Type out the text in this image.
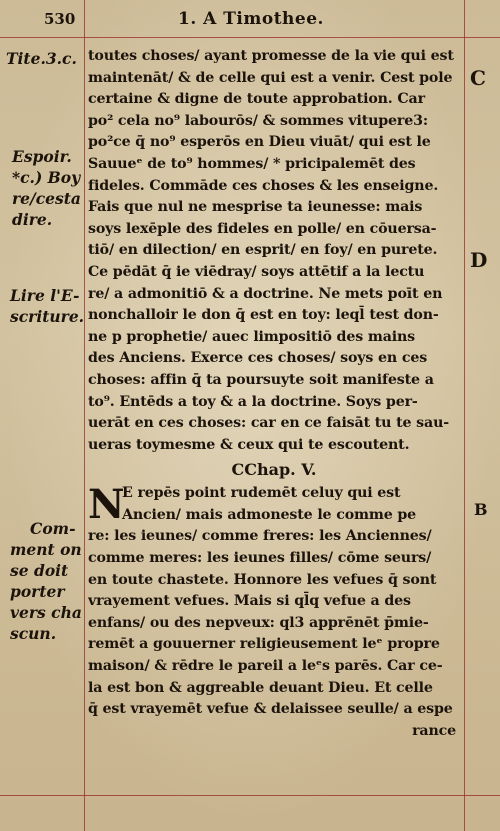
530	1. A Timothee.
Tite.3.c.
Espoir.
*c.) Boy
re/cesta
dire.
Lire l'E-
scriture.
Com-
ment on
se doit
porter
vers cha
scun.
C
D
B
toutes choses/ ayant promesse de la vie qui est
maintenāt/ & de celle qui est a venir. Cest pole
certaine & digne de toute approbation. Car
po² cela no⁹ labourōs/ & sommes vitupere3:
po²ce q̄ no⁹ esperōs en Dieu viuāt/ qui est le
Sauueᵉ de to⁹ hommes/ * pricipalemēt des
fideles. Commāde ces choses & les enseigne.
Fais que nul ne mesprise ta ieunesse: mais
soys lexēple des fideles en polle/ en cōuersa-
tiō/ en dilection/ en esprit/ en foy/ en purete.
Ce pēdāt q̄ ie viēdray/ soys attētif a la lectu
re/ a admonitiō & a doctrine. Ne mets poīt en
nonchalloir le don q̄ est en toy: leql̄ test don-
ne p prophetie/ auec limpositiō des mains
des Anciens. Exerce ces choses/ soys en ces
choses: affin q̄ ta poursuyte soit manifeste a
to⁹. Entēds a toy & a la doctrine. Soys per-
uerāt en ces choses: car en ce faisāt tu te sau-
ueras toymesme & ceux qui te escoutent.
CChap. V.
N
E repēs point rudemēt celuy qui est
Ancien/ mais admoneste le comme pe
re: les ieunes/ comme freres: les Anciennes/
comme meres: les ieunes filles/ cōme seurs/
en toute chastete. Honnore les vefues q̄ sont
vrayement vefues. Mais si ql̄q vefue a des
enfans/ ou des nepveux: ql3 apprēnēt p̄mie-
remēt a gouuerner religieusement leᵉ propre
maison/ & rēdre le pareil a leᵉs parēs. Car ce-
la est bon & aggreable deuant Dieu. Et celle
q̄ est vrayemēt vefue & delaissee seulle/ a espe
rance
